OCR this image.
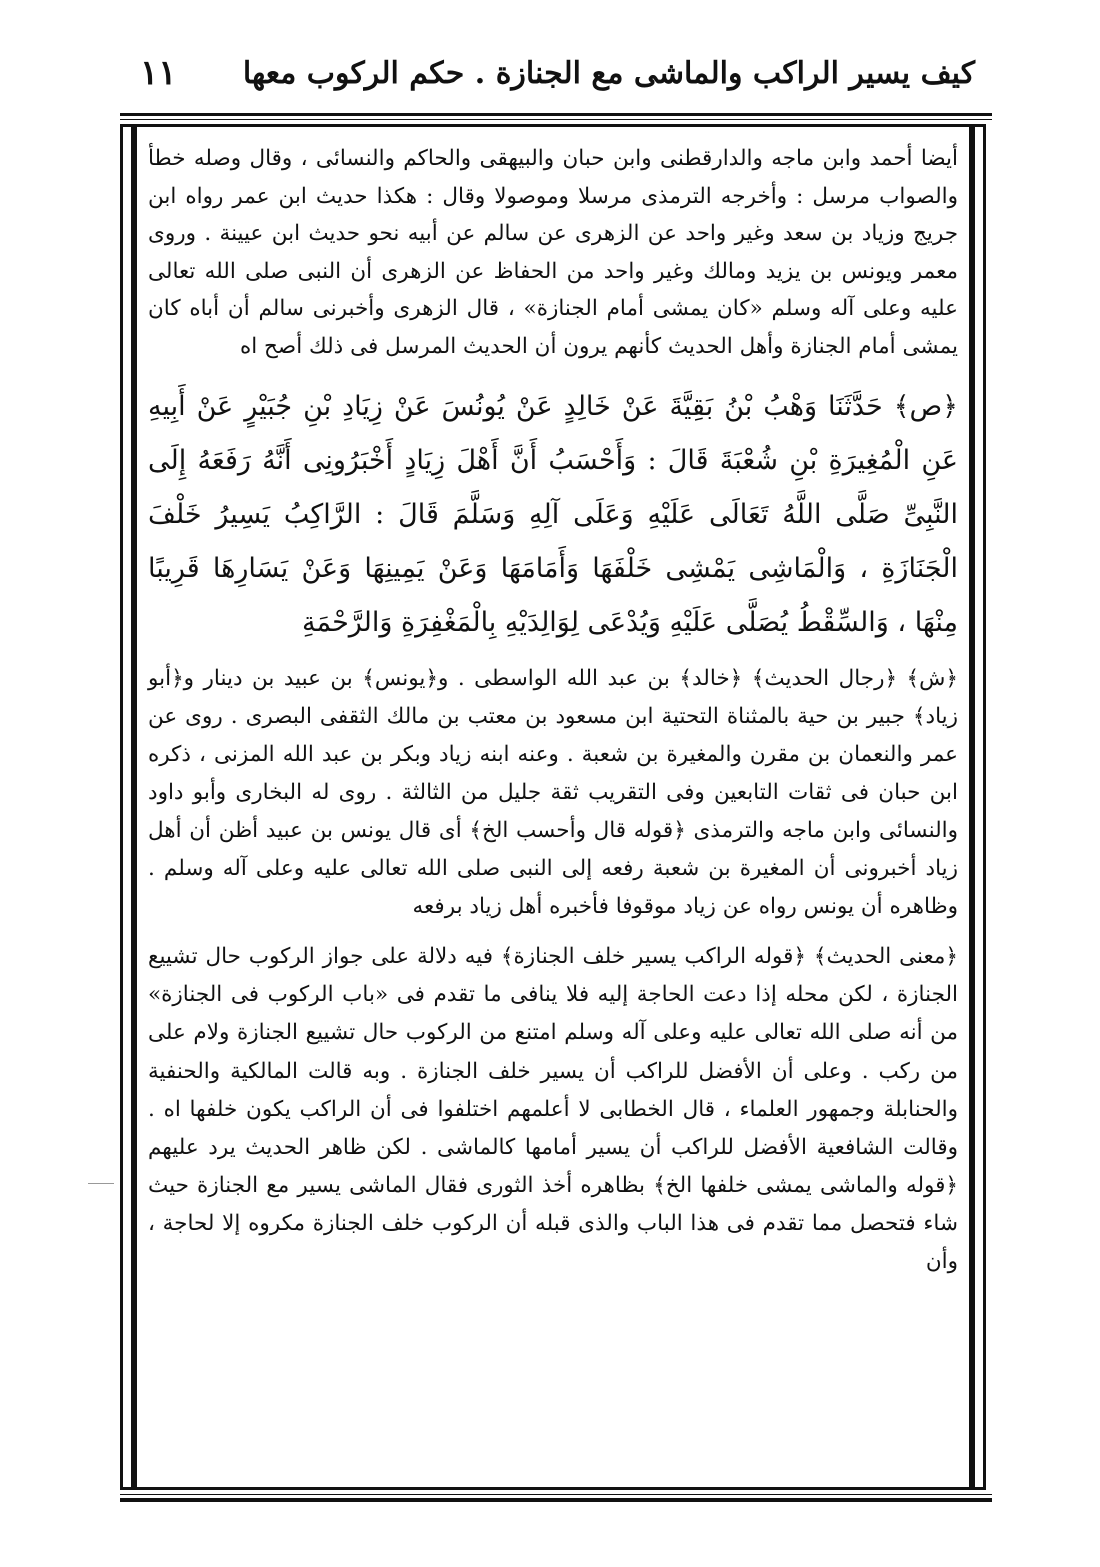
١١ كيف يسير الراكب والماشى مع الجنازة . حكم الركوب معها

أيضا أحمد وابن ماجه والدارقطنى وابن حبان والبيهقى والحاكم والنسائى ، وقال وصله خطأ والصواب مرسل : وأخرجه الترمذى مرسلا وموصولا وقال : هكذا حديث ابن عمر رواه ابن جريج وزياد بن سعد وغير واحد عن الزهرى عن سالم عن أبيه نحو حديث ابن عيينة . وروى معمر ويونس بن يزيد ومالك وغير واحد من الحفاظ عن الزهرى أن النبى صلى الله تعالى عليه وعلى آله وسلم «كان يمشى أمام الجنازة» ، قال الزهرى وأخبرنى سالم أن أباه كان يمشى أمام الجنازة وأهل الحديث كأنهم يرون أن الحديث المرسل فى ذلك أصح اه

﴿ص﴾ حَدَّثَنَا وَهْبُ بْنُ بَقِيَّةَ عَنْ خَالِدٍ عَنْ يُونُسَ عَنْ زِيَادِ بْنِ جُبَيْرٍ عَنْ أَبِيهِ عَنِ الْمُغِيرَةِ بْنِ شُعْبَةَ قَالَ : وَأَحْسَبُ أَنَّ أَهْلَ زِيَادٍ أَخْبَرُونِى أَنَّهُ رَفَعَهُ إِلَى النَّبِىِّ صَلَّى اللَّهُ تَعَالَى عَلَيْهِ وَعَلَى آلِهِ وَسَلَّمَ قَالَ : الرَّاكِبُ يَسِيرُ خَلْفَ الْجَنَازَةِ ، وَالْمَاشِى يَمْشِى خَلْفَهَا وَأَمَامَهَا وَعَنْ يَمِينِهَا وَعَنْ يَسَارِهَا قَرِيبًا مِنْهَا ، وَالسِّقْطُ يُصَلَّى عَلَيْهِ وَيُدْعَى لِوَالِدَيْهِ بِالْمَغْفِرَةِ وَالرَّحْمَةِ

﴿ش﴾ ﴿رجال الحديث﴾ ﴿خالد﴾ بن عبد الله الواسطى . و﴿يونس﴾ بن عبيد بن دينار و﴿أبو زياد﴾ جبير بن حية بالمثناة التحتية ابن مسعود بن معتب بن مالك الثقفى البصرى . روى عن عمر والنعمان بن مقرن والمغيرة بن شعبة . وعنه ابنه زياد وبكر بن عبد الله المزنى ، ذكره ابن حبان فى ثقات التابعين وفى التقريب ثقة جليل من الثالثة . روى له البخارى وأبو داود والنسائى وابن ماجه والترمذى ﴿قوله قال وأحسب الخ﴾ أى قال يونس بن عبيد أظن أن أهل زياد أخبرونى أن المغيرة بن شعبة رفعه إلى النبى صلى الله تعالى عليه وعلى آله وسلم . وظاهره أن يونس رواه عن زياد موقوفا فأخبره أهل زياد برفعه

﴿معنى الحديث﴾ ﴿قوله الراكب يسير خلف الجنازة﴾ فيه دلالة على جواز الركوب حال تشييع الجنازة ، لكن محله إذا دعت الحاجة إليه فلا ينافى ما تقدم فى «باب الركوب فى الجنازة» من أنه صلى الله تعالى عليه وعلى آله وسلم امتنع من الركوب حال تشييع الجنازة ولام على من ركب . وعلى أن الأفضل للراكب أن يسير خلف الجنازة . وبه قالت المالكية والحنفية والحنابلة وجمهور العلماء ، قال الخطابى لا أعلمهم اختلفوا فى أن الراكب يكون خلفها اه . وقالت الشافعية الأفضل للراكب أن يسير أمامها كالماشى . لكن ظاهر الحديث يرد عليهم ﴿قوله والماشى يمشى خلفها الخ﴾ بظاهره أخذ الثورى فقال الماشى يسير مع الجنازة حيث شاء فتحصل مما تقدم فى هذا الباب والذى قبله أن الركوب خلف الجنازة مكروه إلا لحاجة ، وأن
